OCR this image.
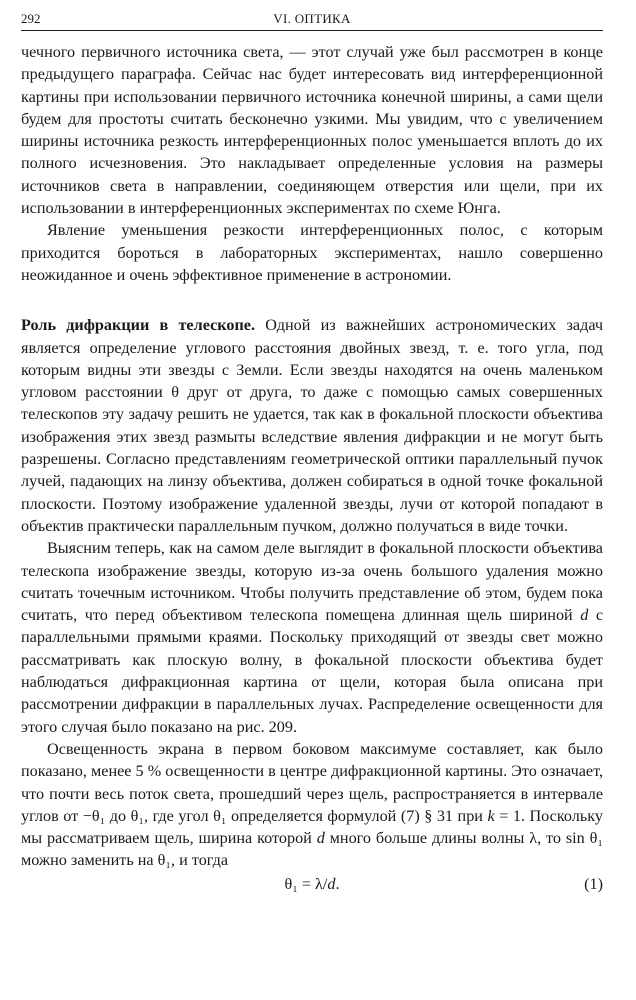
292	VI. ОПТИКА

чечного первичного источника света, — этот случай уже был рассмотрен в конце предыдущего параграфа. Сейчас нас будет интересовать вид интерференционной картины при использовании первичного источника конечной ширины, а сами щели будем для простоты считать бесконечно узкими. Мы увидим, что с увеличением ширины источника резкость интерференционных полос уменьшается вплоть до их полного исчезновения. Это накладывает определенные условия на размеры источников света в направлении, соединяющем отверстия или щели, при их использовании в интерференционных экспериментах по схеме Юнга.

Явление уменьшения резкости интерференционных полос, с которым приходится бороться в лабораторных экспериментах, нашло совершенно неожиданное и очень эффективное применение в астрономии.

Роль дифракции в телескопе. Одной из важнейших астрономических задач является определение углового расстояния двойных звезд, т. е. того угла, под которым видны эти звезды с Земли. Если звезды находятся на очень маленьком угловом расстоянии θ друг от друга, то даже с помощью самых совершенных телескопов эту задачу решить не удается, так как в фокальной плоскости объектива изображения этих звезд размыты вследствие явления дифракции и не могут быть разрешены. Согласно представлениям геометрической оптики параллельный пучок лучей, падающих на линзу объектива, должен собираться в одной точке фокальной плоскости. Поэтому изображение удаленной звезды, лучи от которой попадают в объектив практически параллельным пучком, должно получаться в виде точки.

Выясним теперь, как на самом деле выглядит в фокальной плоскости объектива телескопа изображение звезды, которую из-за очень большого удаления можно считать точечным источником. Чтобы получить представление об этом, будем пока считать, что перед объективом телескопа помещена длинная щель шириной d с параллельными прямыми краями. Поскольку приходящий от звезды свет можно рассматривать как плоскую волну, в фокальной плоскости объектива будет наблюдаться дифракционная картина от щели, которая была описана при рассмотрении дифракции в параллельных лучах. Распределение освещенности для этого случая было показано на рис. 209.

Освещенность экрана в первом боковом максимуме составляет, как было показано, менее 5 % освещенности в центре дифракционной картины. Это означает, что почти весь поток света, прошедший через щель, распространяется в интервале углов от −θ₁ до θ₁, где угол θ₁ определяется формулой (7) § 31 при k = 1. Поскольку мы рассматриваем щель, ширина которой d много больше длины волны λ, то sin θ₁ можно заменить на θ₁, и тогда

θ₁ = λ/d.	(1)
